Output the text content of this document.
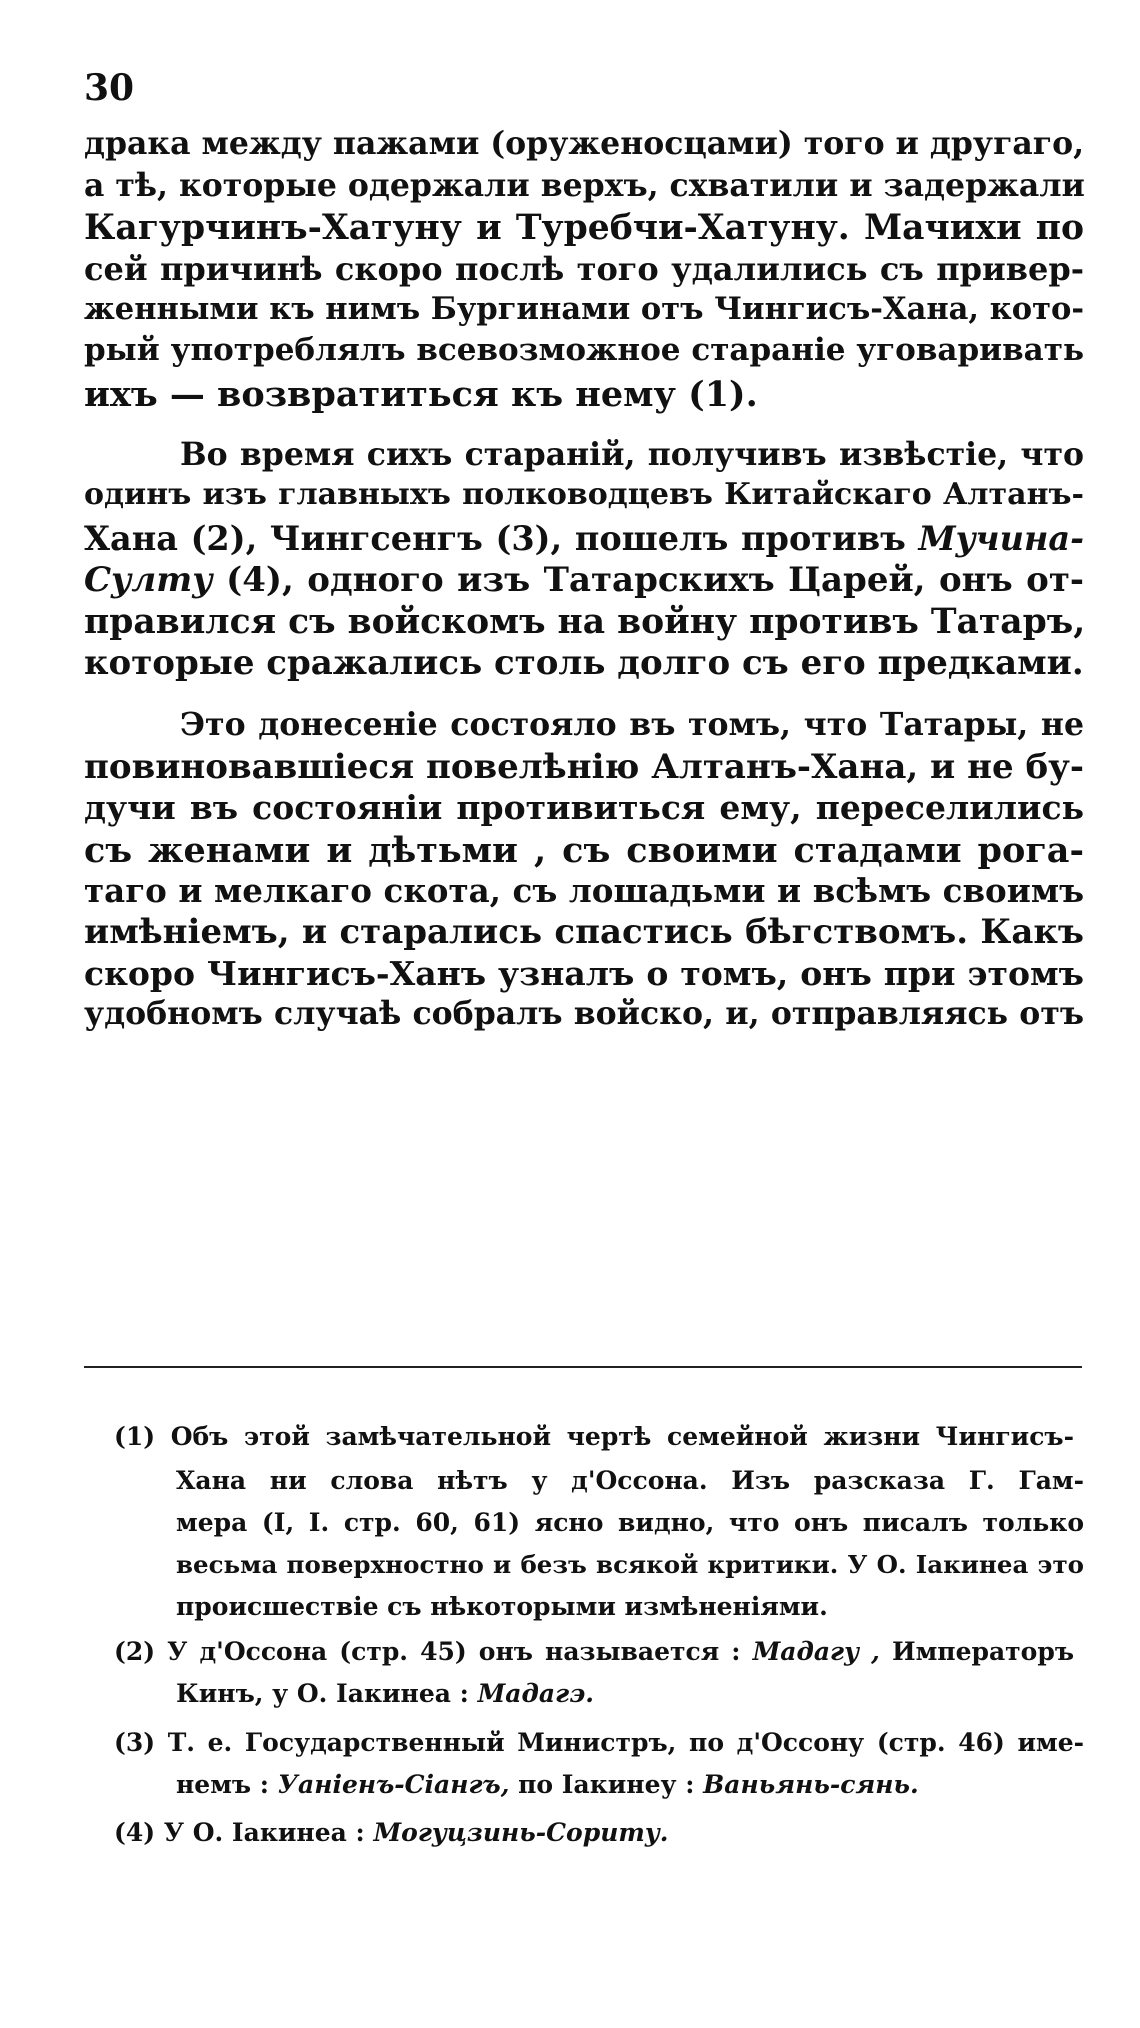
30
драка между пажами (оруженосцами) того и другаго,
а тѣ, которые одержали верхъ, схватили и задержали
Кагурчинъ-Хатуну и Туребчи-Хатуну. Мачихи по
сей причинѣ скоро послѣ того удалились съ привер-
женными къ нимъ Бургинами отъ Чингисъ-Хана, кото-
рый употреблялъ всевозможное стараніе уговаривать
ихъ — возвратиться къ нему (1).
Во время сихъ стараній, получивъ извѣстіе, что
одинъ изъ главныхъ полководцевъ Китайскаго Алтанъ-
Хана (2), Чингсенгъ (3), пошелъ противъ Мучина-
Султу (4), одного изъ Татарскихъ Царей, онъ от-
правился съ войскомъ на войну противъ Татаръ,
которые сражались столь долго съ его предками.
Это донесеніе состояло въ томъ, что Татары, не
повиновавшіеся повелѣнію Алтанъ-Хана, и не бу-
дучи въ состояніи противиться ему, переселились
съ женами и дѣтьми , съ своими стадами рога-
таго и мелкаго скота, съ лошадьми и всѣмъ своимъ
имѣніемъ, и старались спастись бѣгствомъ. Какъ
скоро Чингисъ-Ханъ узналъ о томъ, онъ при этомъ
удобномъ случаѣ собралъ войско, и, отправляясь отъ
(1) Объ этой замѣчательной чертѣ семейной жизни Чингисъ-
Хана ни слова нѣтъ у д'Оссона. Изъ разсказа Г. Гам-
мера (I, I. стр. 60, 61) ясно видно, что онъ писалъ только
весьма поверхностно и безъ всякой критики. У О. Іакинеа это
происшествіе съ нѣкоторыми измѣненіями.
(2) У д'Оссона (стр. 45) онъ называется : Мадагу , Императоръ
Кинъ, у О. Іакинеа : Мадагэ.
(3) Т. е. Государственный Министръ, по д'Оссону (стр. 46) име-
немъ : Уаніенъ-Сіангъ, по Іакинеу : Ваньянь-сянь.
(4) У О. Іакинеа : Могуцзинь-Сориту.
